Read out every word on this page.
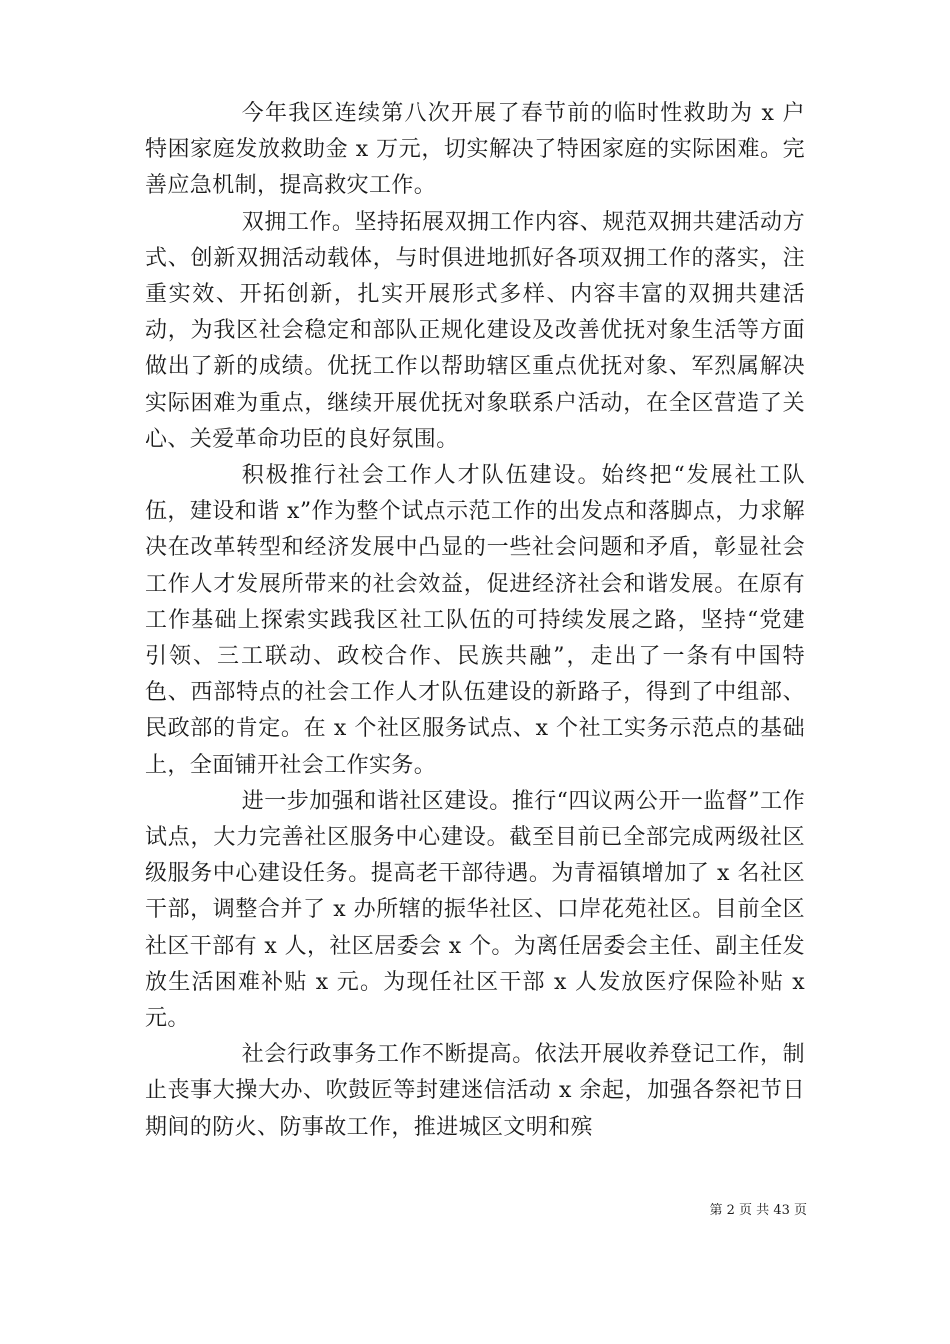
今年我区连续第八次开展了春节前的临时性救助为 x 户特困家庭发放救助金 x 万元，切实解决了特困家庭的实际困难。完善应急机制，提高救灾工作。

双拥工作。坚持拓展双拥工作内容、规范双拥共建活动方式、创新双拥活动载体，与时俱进地抓好各项双拥工作的落实，注重实效、开拓创新，扎实开展形式多样、内容丰富的双拥共建活动，为我区社会稳定和部队正规化建设及改善优抚对象生活等方面做出了新的成绩。优抚工作以帮助辖区重点优抚对象、军烈属解决实际困难为重点，继续开展优抚对象联系户活动，在全区营造了关心、关爱革命功臣的良好氛围。

积极推行社会工作人才队伍建设。始终把“发展社工队伍，建设和谐 x”作为整个试点示范工作的出发点和落脚点，力求解决在改革转型和经济发展中凸显的一些社会问题和矛盾，彰显社会工作人才发展所带来的社会效益，促进经济社会和谐发展。在原有工作基础上探索实践我区社工队伍的可持续发展之路，坚持“党建引领、三工联动、政校合作、民族共融”，走出了一条有中国特色、西部特点的社会工作人才队伍建设的新路子，得到了中组部、民政部的肯定。在 x 个社区服务试点、x 个社工实务示范点的基础上，全面铺开社会工作实务。

进一步加强和谐社区建设。推行“四议两公开一监督”工作试点，大力完善社区服务中心建设。截至目前已全部完成两级社区级服务中心建设任务。提高老干部待遇。为青福镇增加了 x 名社区干部，调整合并了 x 办所辖的振华社区、口岸花苑社区。目前全区社区干部有 x 人，社区居委会 x 个。为离任居委会主任、副主任发放生活困难补贴 x 元。为现任社区干部 x 人发放医疗保险补贴 x 元。

社会行政事务工作不断提高。依法开展收养登记工作，制止丧事大操大办、吹鼓匠等封建迷信活动 x 余起，加强各祭祀节日期间的防火、防事故工作，推进城区文明和殡

第 2 页 共 43 页
